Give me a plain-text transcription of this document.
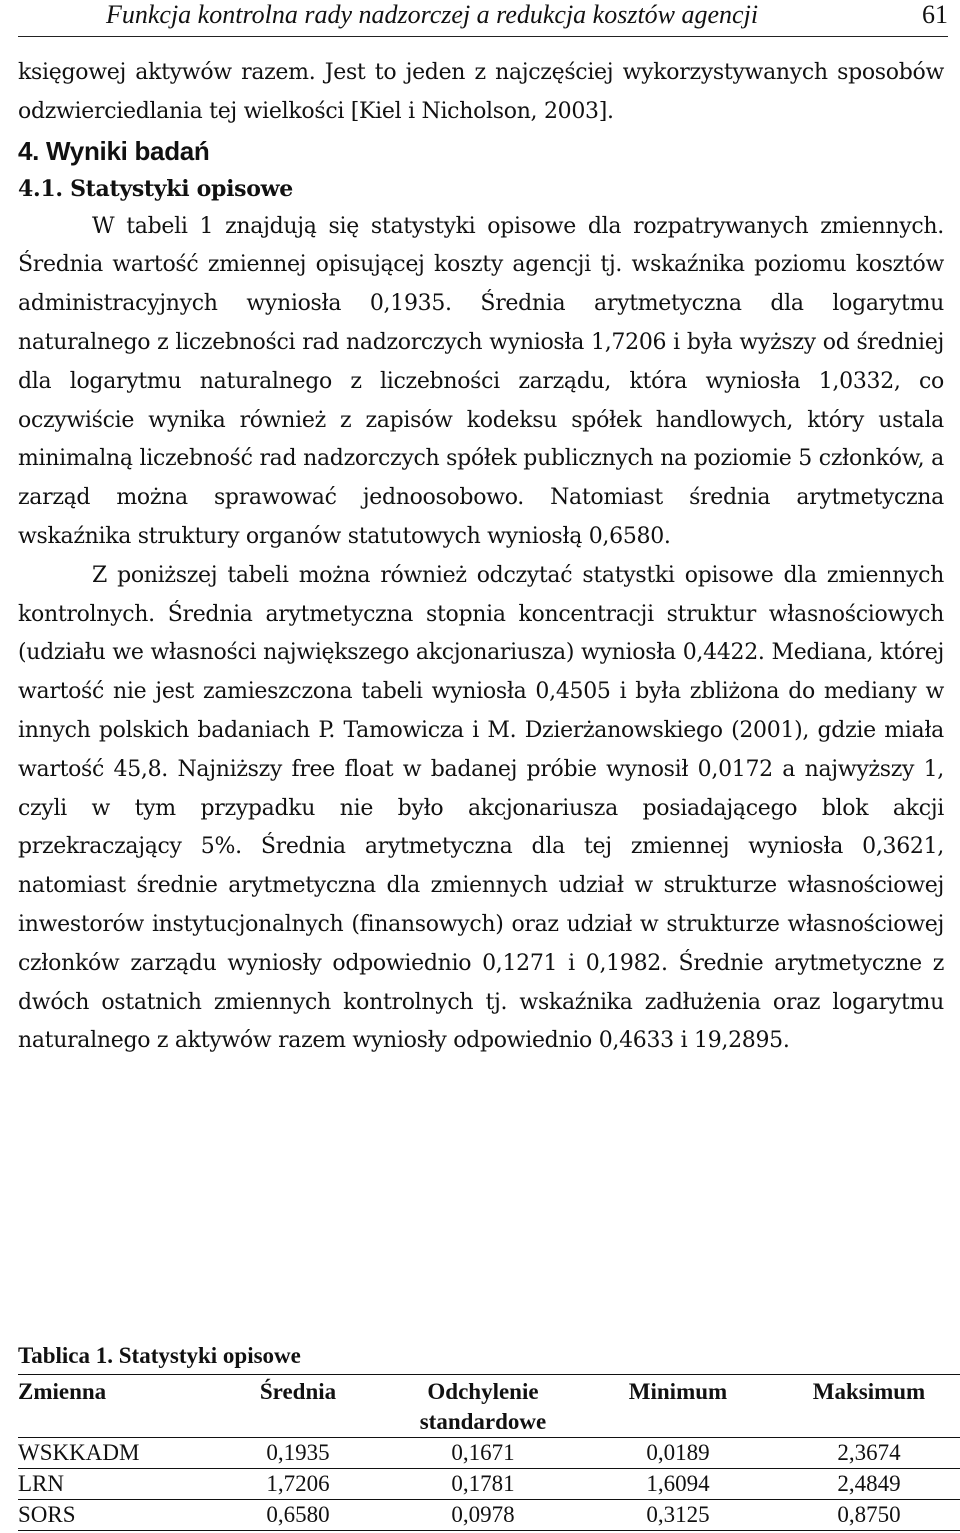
Funkcja kontrolna rady nadzorczej a redukcja kosztów agencji	61

księgowej aktywów razem. Jest to jeden z najczęściej wykorzystywanych sposobów odzwierciedlania tej wielkości [Kiel i Nicholson, 2003].

4. Wyniki badań

4.1. Statystyki opisowe

W tabeli 1 znajdują się statystyki opisowe dla rozpatrywanych zmiennych. Średnia wartość zmiennej opisującej koszty agencji tj. wskaźnika poziomu kosztów administracyjnych wyniosła 0,1935. Średnia arytmetyczna dla logarytmu naturalnego z liczebności rad nadzorczych wyniosła 1,7206 i była wyższy od średniej dla logarytmu naturalnego z liczebności zarządu, która wyniosła 1,0332, co oczywiście wynika również z zapisów kodeksu spółek handlowych, który ustala minimalną liczebność rad nadzorczych spółek publicznych na poziomie 5 członków, a zarząd można sprawować jednoosobowo. Natomiast średnia arytmetyczna wskaźnika struktury organów statutowych wyniosłą 0,6580.

Z poniższej tabeli można również odczytać statystki opisowe dla zmiennych kontrolnych. Średnia arytmetyczna stopnia koncentracji struktur własnościowych (udziału we własności największego akcjonariusza) wyniosła 0,4422. Mediana, której wartość nie jest zamieszczona tabeli wyniosła 0,4505 i była zbliżona do mediany w innych polskich badaniach P. Tamowicza i M. Dzierżanowskiego (2001), gdzie miała wartość 45,8. Najniższy free float w badanej próbie wynosił 0,0172 a najwyższy 1, czyli w tym przypadku nie było akcjonariusza posiadającego blok akcji przekraczający 5%. Średnia arytmetyczna dla tej zmiennej wyniosła 0,3621, natomiast średnie arytmetyczna dla zmiennych udział w strukturze własnościowej inwestorów instytucjonalnych (finansowych) oraz udział w strukturze własnościowej członków zarządu wyniosły odpowiednio 0,1271 i 0,1982. Średnie arytmetyczne z dwóch ostatnich zmiennych kontrolnych tj. wskaźnika zadłużenia oraz logarytmu naturalnego z aktywów razem wyniosły odpowiednio 0,4633 i 19,2895.

Tablica 1. Statystyki opisowe
Zmienna	Średnia	Odchylenie standardowe	Minimum	Maksimum
WSKKADM	0,1935	0,1671	0,0189	2,3674
LRN	1,7206	0,1781	1,6094	2,4849
SORS	0,6580	0,0978	0,3125	0,8750
